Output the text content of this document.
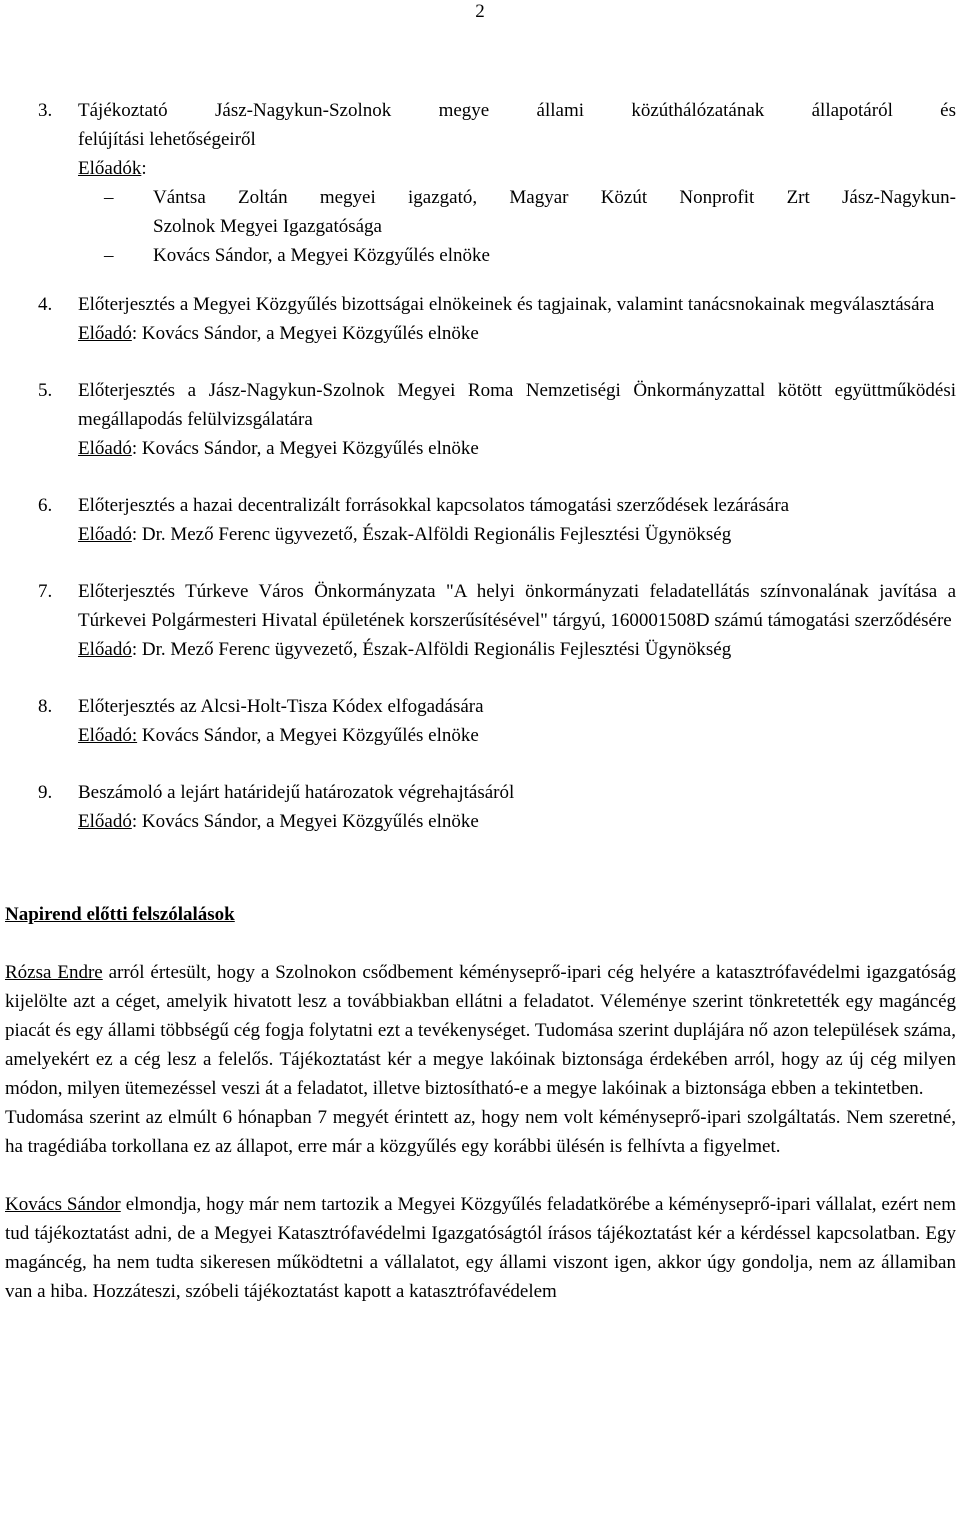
2
3. Tájékoztató Jász-Nagykun-Szolnok megye állami közúthálózatának állapotáról és

felújítási lehetőségeiről

Előadók:

– Vántsa Zoltán megyei igazgató, Magyar Közút Nonprofit Zrt Jász-Nagykun-

Szolnok Megyei Igazgatósága

– Kovács Sándor, a Megyei Közgyűlés elnöke

4. Előterjesztés a Megyei Közgyűlés bizottságai elnökeinek és tagjainak, valamint tanácsnokainak megválasztására

Előadó: Kovács Sándor, a Megyei Közgyűlés elnöke

5. Előterjesztés a Jász-Nagykun-Szolnok Megyei Roma Nemzetiségi Önkormányzattal kötött együttműködési megállapodás felülvizsgálatára

Előadó: Kovács Sándor, a Megyei Közgyűlés elnöke

6. Előterjesztés a hazai decentralizált forrásokkal kapcsolatos támogatási szerződések lezárására

Előadó: Dr. Mező Ferenc ügyvezető, Észak-Alföldi Regionális Fejlesztési Ügynökség

7. Előterjesztés Túrkeve Város Önkormányzata "A helyi önkormányzati feladatellátás színvonalának javítása a Túrkevei Polgármesteri Hivatal épületének korszerűsítésével" tárgyú, 160001508D számú támogatási szerződésére

Előadó: Dr. Mező Ferenc ügyvezető, Észak-Alföldi Regionális Fejlesztési Ügynökség

8. Előterjesztés az Alcsi-Holt-Tisza Kódex elfogadására

Előadó: Kovács Sándor, a Megyei Közgyűlés elnöke

9. Beszámoló a lejárt határidejű határozatok végrehajtásáról

Előadó: Kovács Sándor, a Megyei Közgyűlés elnöke

Napirend előtti felszólalások

Rózsa Endre arról értesült, hogy a Szolnokon csődbement kéményseprő-ipari cég helyére a katasztrófavédelmi igazgatóság kijelölte azt a céget, amelyik hivatott lesz a továbbiakban ellátni a feladatot. Véleménye szerint tönkretették egy magáncég piacát és egy állami többségű cég fogja folytatni ezt a tevékenységet. Tudomása szerint duplájára nő azon települések száma, amelyekért ez a cég lesz a felelős. Tájékoztatást kér a megye lakóinak biztonsága érdekében arról, hogy az új cég milyen módon, milyen ütemezéssel veszi át a feladatot, illetve biztosítható-e a megye lakóinak a biztonsága ebben a tekintetben.

Tudomása szerint az elmúlt 6 hónapban 7 megyét érintett az, hogy nem volt kéményseprő-ipari szolgáltatás. Nem szeretné, ha tragédiába torkollana ez az állapot, erre már a közgyűlés egy korábbi ülésén is felhívta a figyelmet.

Kovács Sándor elmondja, hogy már nem tartozik a Megyei Közgyűlés feladatkörébe a kéményseprő-ipari vállalat, ezért nem tud tájékoztatást adni, de a Megyei Katasztrófavédelmi Igazgatóságtól írásos tájékoztatást kér a kérdéssel kapcsolatban. Egy magáncég, ha nem tudta sikeresen működtetni a vállalatot, egy állami viszont igen, akkor úgy gondolja, nem az államiban van a hiba. Hozzáteszi, szóbeli tájékoztatást kapott a katasztrófavédelem
